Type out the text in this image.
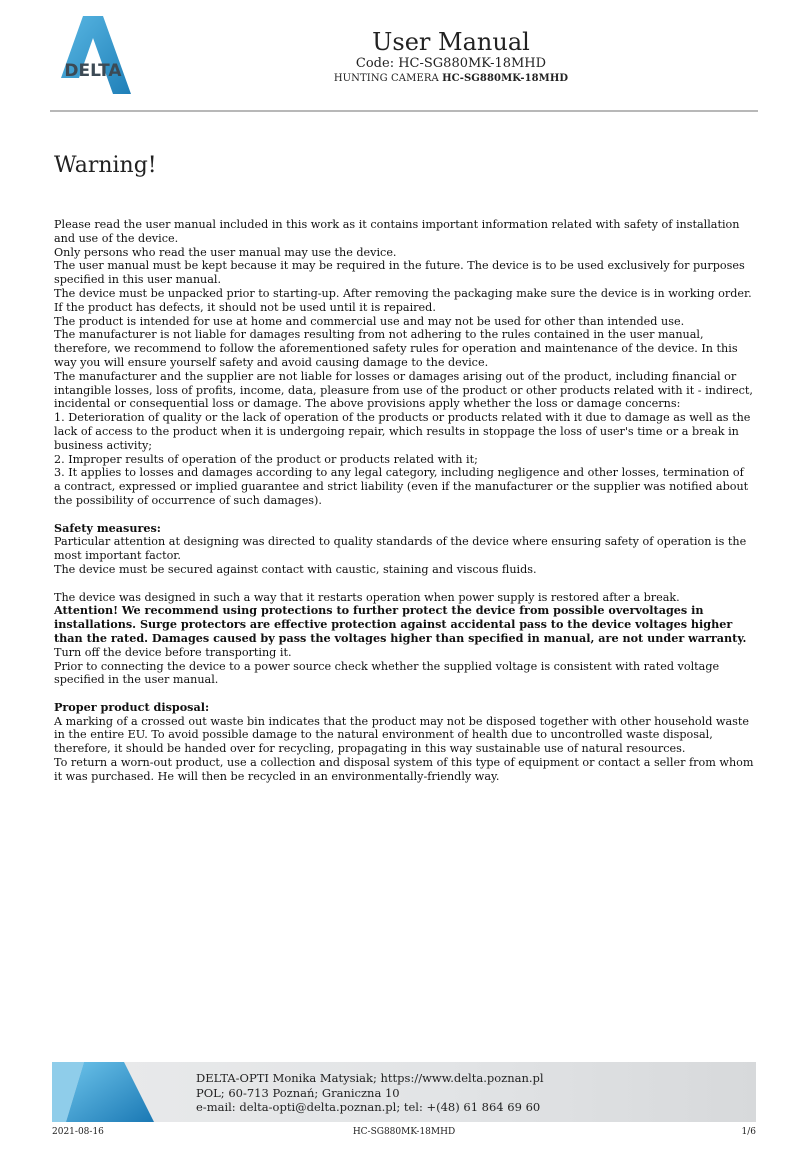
DELTA
User Manual
Code: HC-SG880MK-18MHD
HUNTING CAMERA HC-SG880MK-18MHD
Warning!

Please read the user manual included in this work as it contains important information related with safety of installation and use of the device.

Only persons who read the user manual may use the device.

The user manual must be kept because it may be required in the future. The device is to be used exclusively for purposes specified in this user manual.

The device must be unpacked prior to starting-up. After removing the packaging make sure the device is in working order.

If the product has defects, it should not be used until it is repaired.

The product is intended for use at home and commercial use and may not be used for other than intended use.

The manufacturer is not liable for damages resulting from not adhering to the rules contained in the user manual, therefore, we recommend to follow the aforementioned safety rules for operation and maintenance of the device. In this way you will ensure yourself safety and avoid causing damage to the device.

The manufacturer and the supplier are not liable for losses or damages arising out of the product, including financial or intangible losses, loss of profits, income, data, pleasure from use of the product or other products related with it - indirect, incidental or consequential loss or damage. The above provisions apply whether the loss or damage concerns:

1. Deterioration of quality or the lack of operation of the products or products related with it due to damage as well as the lack of access to the product when it is undergoing repair, which results in stoppage the loss of user's time or a break in business activity;

2. Improper results of operation of the product or products related with it;

3. It applies to losses and damages according to any legal category, including negligence and other losses, termination of a contract, expressed or implied guarantee and strict liability (even if the manufacturer or the supplier was notified about the possibility of occurrence of such damages).

Safety measures:

Particular attention at designing was directed to quality standards of the device where ensuring safety of operation is the most important factor.

The device must be secured against contact with caustic, staining and viscous fluids.

The device was designed in such a way that it restarts operation when power supply is restored after a break.

Attention! We recommend using protections to further protect the device from possible overvoltages in installations. Surge protectors are effective protection against accidental pass to the device voltages higher than the rated. Damages caused by pass the voltages higher than specified in manual, are not under warranty.

Turn off the device before transporting it.

Prior to connecting the device to a power source check whether the supplied voltage is consistent with rated voltage specified in the user manual.

Proper product disposal:

A marking of a crossed out waste bin indicates that the product may not be disposed together with other household waste in the entire EU. To avoid possible damage to the natural environment of health due to uncontrolled waste disposal, therefore, it should be handed over for recycling, propagating in this way sustainable use of natural resources.

To return a worn-out product, use a collection and disposal system of this type of equipment or contact a seller from whom it was purchased. He will then be recycled in an environmentally-friendly way.

DELTA-OPTI Monika Matysiak; https://www.delta.poznan.pl
POL; 60-713 Poznań; Graniczna 10
e-mail: delta-opti@delta.poznan.pl; tel: +(48) 61 864 69 60
2021-08-16	HC-SG880MK-18MHD	1/6
